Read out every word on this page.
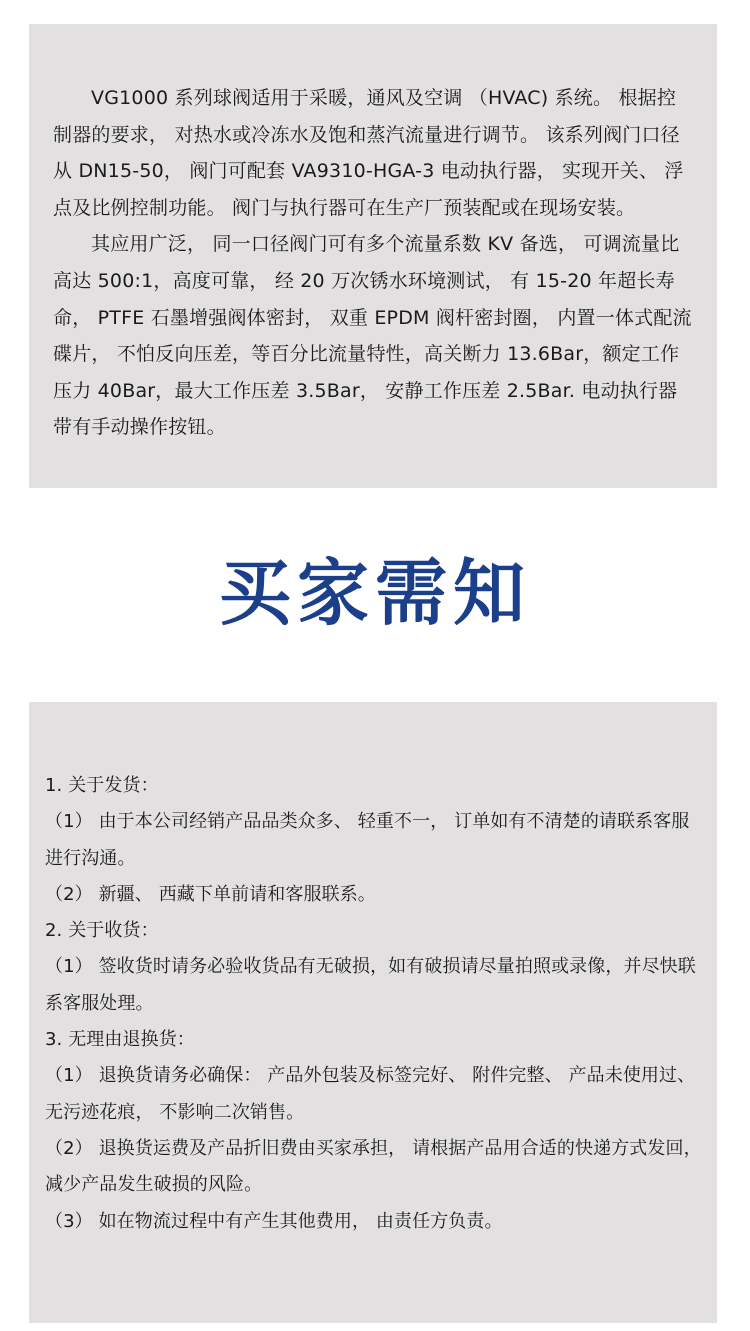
VG1000 系列球阀适用于采暖，通风及空调 （HVAC) 系统。 根据控制器的要求， 对热水或冷冻水及饱和蒸汽流量进行调节。 该系列阀门口径从 DN15-50， 阀门可配套 VA9310-HGA-3 电动执行器， 实现开关、 浮点及比例控制功能。 阀门与执行器可在生产厂预装配或在现场安装。

其应用广泛， 同一口径阀门可有多个流量系数 KV 备选， 可调流量比高达 500:1，高度可靠， 经 20 万次锈水环境测试， 有 15-20 年超长寿命， PTFE 石墨增强阀体密封， 双重 EPDM 阀杆密封圈， 内置一体式配流碟片， 不怕反向压差，等百分比流量特性，高关断力 13.6Bar，额定工作压力 40Bar，最大工作压差 3.5Bar， 安静工作压差 2.5Bar. 电动执行器带有手动操作按钮。

买家需知
1. 关于发货：
（1） 由于本公司经销产品品类众多、 轻重不一， 订单如有不清楚的请联系客服进行沟通。
（2） 新疆、 西藏下单前请和客服联系。
2. 关于收货：
（1） 签收货时请务必验收货品有无破损，如有破损请尽量拍照或录像，并尽快联系客服处理。
3. 无理由退换货：
（1） 退换货请务必确保： 产品外包装及标签完好、 附件完整、 产品未使用过、 无污迹花痕， 不影响二次销售。
（2） 退换货运费及产品折旧费由买家承担， 请根据产品用合适的快递方式发回， 减少产品发生破损的风险。
（3） 如在物流过程中有产生其他费用， 由责任方负责。
